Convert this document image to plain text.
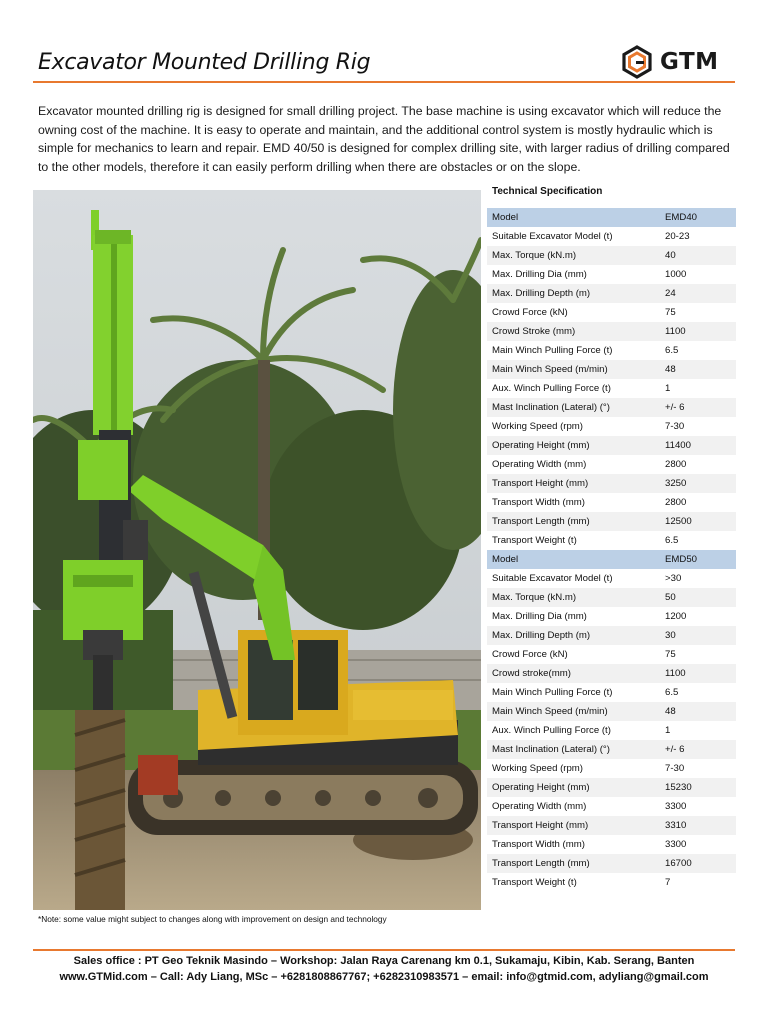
Excavator Mounted Drilling Rig	GTM
Excavator mounted drilling rig is designed for small drilling project. The base machine is using excavator which will reduce the owning cost of the machine. It is easy to operate and maintain, and the additional control system is mostly hydraulic which is simple for mechanics to learn and repair. EMD 40/50 is designed for complex drilling site, with larger radius of drilling compared to the other models, therefore it can easily perform drilling when there are obstacles or on the slope.
Technical Specification
Model	EMD40
Suitable Excavator Model (t)	20-23
Max. Torque (kN.m)	40
Max. Drilling Dia (mm)	1000
Max. Drilling Depth (m)	24
Crowd Force (kN)	75
Crowd Stroke (mm)	1100
Main Winch Pulling Force (t)	6.5
Main Winch Speed (m/min)	48
Aux. Winch Pulling Force (t)	1
Mast Inclination (Lateral) (°)	+/- 6
Working Speed (rpm)	7-30
Operating Height (mm)	11400
Operating Width (mm)	2800
Transport Height (mm)	3250
Transport Width (mm)	2800
Transport Length (mm)	12500
Transport Weight (t)	6.5
Model	EMD50
Suitable Excavator Model (t)	>30
Max. Torque (kN.m)	50
Max. Drilling Dia (mm)	1200
Max. Drilling Depth (m)	30
Crowd Force (kN)	75
Crowd stroke(mm)	1100
Main Winch Pulling Force (t)	6.5
Main Winch Speed (m/min)	48
Aux. Winch Pulling Force (t)	1
Mast Inclination (Lateral) (°)	+/- 6
Working Speed (rpm)	7-30
Operating Height (mm)	15230
Operating Width (mm)	3300
Transport Height (mm)	3310
Transport Width (mm)	3300
Transport Length (mm)	16700
Transport Weight (t)	7
*Note: some value might subject to changes along with improvement on design and technology
Sales office : PT Geo Teknik Masindo – Workshop: Jalan Raya Carenang km 0.1, Sukamaju, Kibin, Kab. Serang, Banten
www.GTMid.com – Call: Ady Liang, MSc – +6281808867767; +6282310983571 – email: info@gtmid.com, adyliang@gmail.com
